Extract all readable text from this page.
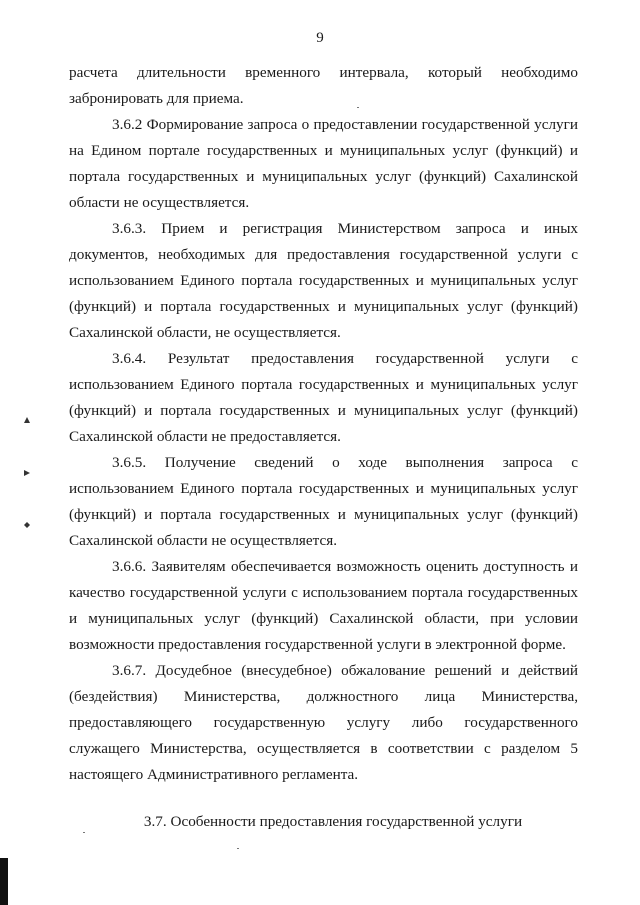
9

расчета длительности временного интервала, который необходимо
забронировать для приема.

3.6.2 Формирование запроса о предоставлении государственной услуги
на Едином портале государственных и муниципальных услуг (функций) и
портала государственных и муниципальных услуг (функций) Сахалинской
области не осуществляется.

3.6.3. Прием и регистрация Министерством запроса и иных
документов, необходимых для предоставления государственной услуги с
использованием Единого портала государственных и муниципальных услуг
(функций) и портала государственных и муниципальных услуг (функций)
Сахалинской области, не осуществляется.

3.6.4. Результат предоставления государственной услуги с
использованием Единого портала государственных и муниципальных услуг
(функций) и портала государственных и муниципальных услуг (функций)
Сахалинской области не предоставляется.

3.6.5. Получение сведений о ходе выполнения запроса с
использованием Единого портала государственных и муниципальных услуг
(функций) и портала государственных и муниципальных услуг (функций)
Сахалинской области не осуществляется.

3.6.6. Заявителям обеспечивается возможность оценить доступность и
качество государственной услуги с использованием портала государственных
и муниципальных услуг (функций) Сахалинской области, при условии
возможности предоставления государственной услуги в электронной форме.

3.6.7. Досудебное (внесудебное) обжалование решений и действий
(бездействия) Министерства, должностного лица Министерства,
предоставляющего государственную услугу либо государственного
служащего Министерства, осуществляется в соответствии с разделом 5
настоящего Административного регламента.

3.7. Особенности предоставления государственной услуги
